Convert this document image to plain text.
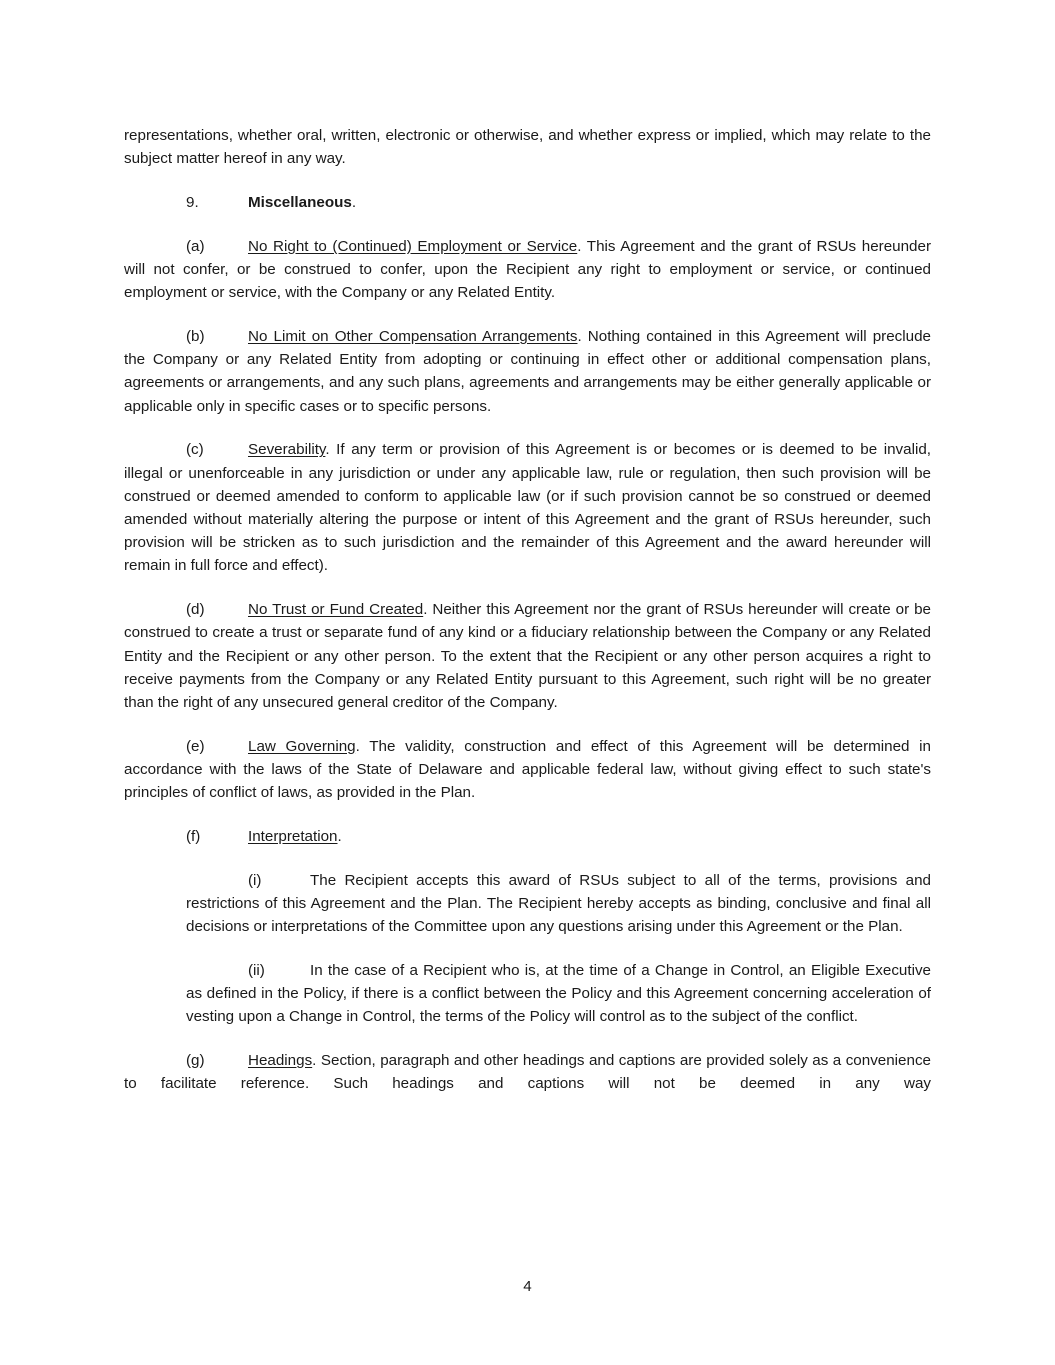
representations, whether oral, written, electronic or otherwise, and whether express or implied, which may relate to the subject matter hereof in any way.

9.	Miscellaneous.

(a)	No Right to (Continued) Employment or Service. This Agreement and the grant of RSUs hereunder will not confer, or be construed to confer, upon the Recipient any right to employment or service, or continued employment or service, with the Company or any Related Entity.

(b)	No Limit on Other Compensation Arrangements. Nothing contained in this Agreement will preclude the Company or any Related Entity from adopting or continuing in effect other or additional compensation plans, agreements or arrangements, and any such plans, agreements and arrangements may be either generally applicable or applicable only in specific cases or to specific persons.

(c)	Severability. If any term or provision of this Agreement is or becomes or is deemed to be invalid, illegal or unenforceable in any jurisdiction or under any applicable law, rule or regulation, then such provision will be construed or deemed amended to conform to applicable law (or if such provision cannot be so construed or deemed amended without materially altering the purpose or intent of this Agreement and the grant of RSUs hereunder, such provision will be stricken as to such jurisdiction and the remainder of this Agreement and the award hereunder will remain in full force and effect).

(d)	No Trust or Fund Created. Neither this Agreement nor the grant of RSUs hereunder will create or be construed to create a trust or separate fund of any kind or a fiduciary relationship between the Company or any Related Entity and the Recipient or any other person. To the extent that the Recipient or any other person acquires a right to receive payments from the Company or any Related Entity pursuant to this Agreement, such right will be no greater than the right of any unsecured general creditor of the Company.

(e)	Law Governing. The validity, construction and effect of this Agreement will be determined in accordance with the laws of the State of Delaware and applicable federal law, without giving effect to such state's principles of conflict of laws, as provided in the Plan.

(f)	Interpretation.

(i)	The Recipient accepts this award of RSUs subject to all of the terms, provisions and restrictions of this Agreement and the Plan. The Recipient hereby accepts as binding, conclusive and final all decisions or interpretations of the Committee upon any questions arising under this Agreement or the Plan.

(ii)	In the case of a Recipient who is, at the time of a Change in Control, an Eligible Executive as defined in the Policy, if there is a conflict between the Policy and this Agreement concerning acceleration of vesting upon a Change in Control, the terms of the Policy will control as to the subject of the conflict.

(g)	Headings. Section, paragraph and other headings and captions are provided solely as a convenience to facilitate reference. Such headings and captions will not be deemed in any way

4
